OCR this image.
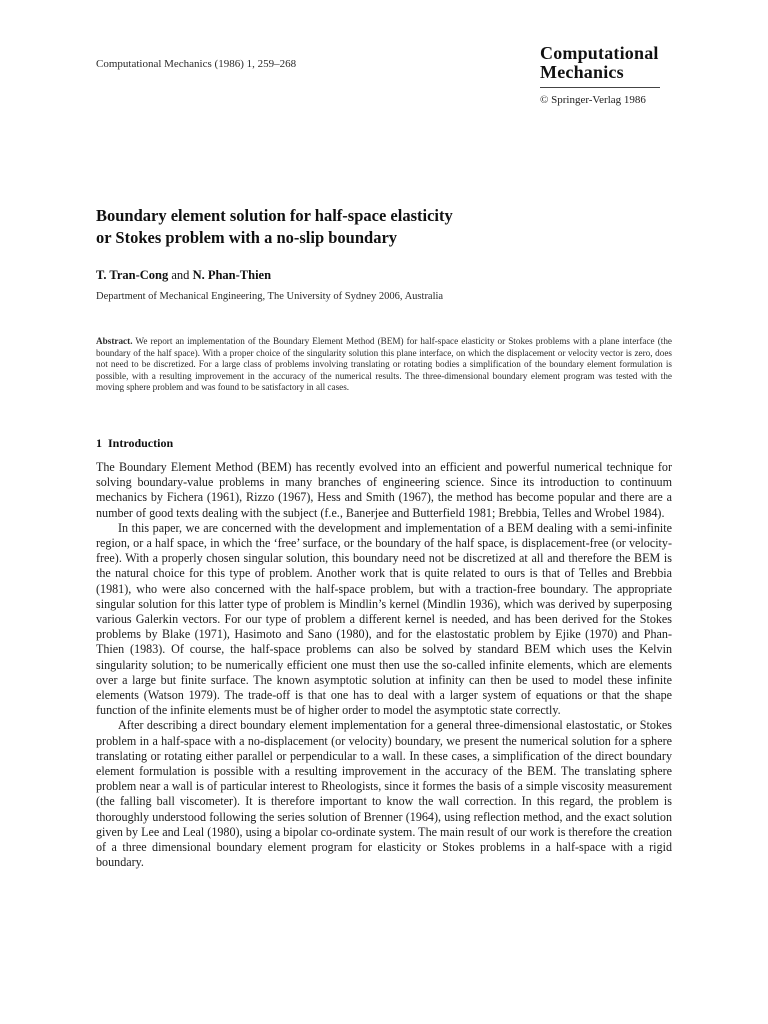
Computational Mechanics (1986) 1, 259–268
Computational
Mechanics
© Springer-Verlag 1986
Boundary element solution for half-space elasticity
or Stokes problem with a no-slip boundary
T. Tran-Cong and N. Phan-Thien
Department of Mechanical Engineering, The University of Sydney 2006, Australia
Abstract. We report an implementation of the Boundary Element Method (BEM) for half-space elasticity or Stokes problems with a plane interface (the boundary of the half space). With a proper choice of the singularity solution this plane interface, on which the displacement or velocity vector is zero, does not need to be discretized. For a large class of problems involving translating or rotating bodies a simplification of the boundary element formulation is possible, with a resulting improvement in the accuracy of the numerical results. The three-dimensional boundary element program was tested with the moving sphere problem and was found to be satisfactory in all cases.
1 Introduction

The Boundary Element Method (BEM) has recently evolved into an efficient and powerful numerical technique for solving boundary-value problems in many branches of engineering science. Since its introduction to continuum mechanics by Fichera (1961), Rizzo (1967), Hess and Smith (1967), the method has become popular and there are a number of good texts dealing with the subject (f.e., Banerjee and Butterfield 1981; Brebbia, Telles and Wrobel 1984).

In this paper, we are concerned with the development and implementation of a BEM dealing with a semi-infinite region, or a half space, in which the ‘free’ surface, or the boundary of the half space, is displacement-free (or velocity-free). With a properly chosen singular solution, this boundary need not be discretized at all and therefore the BEM is the natural choice for this type of problem. Another work that is quite related to ours is that of Telles and Brebbia (1981), who were also concerned with the half-space problem, but with a traction-free boundary. The appropriate singular solution for this latter type of problem is Mindlin’s kernel (Mindlin 1936), which was derived by superposing various Galerkin vectors. For our type of problem a different kernel is needed, and has been derived for the Stokes problems by Blake (1971), Hasimoto and Sano (1980), and for the elastostatic problem by Ejike (1970) and Phan-Thien (1983). Of course, the half-space problems can also be solved by standard BEM which uses the Kelvin singularity solution; to be numerically efficient one must then use the so-called infinite elements, which are elements over a large but finite surface. The known asymptotic solution at infinity can then be used to model these infinite elements (Watson 1979). The trade-off is that one has to deal with a larger system of equations or that the shape function of the infinite elements must be of higher order to model the asymptotic state correctly.

After describing a direct boundary element implementation for a general three-dimensional elastostatic, or Stokes problem in a half-space with a no-displacement (or velocity) boundary, we present the numerical solution for a sphere translating or rotating either parallel or perpendicular to a wall. In these cases, a simplification of the direct boundary element formulation is possible with a resulting improvement in the accuracy of the BEM. The translating sphere problem near a wall is of particular interest to Rheologists, since it formes the basis of a simple viscosity measurement (the falling ball viscometer). It is therefore important to know the wall correction. In this regard, the problem is thoroughly understood following the series solution of Brenner (1964), using reflection method, and the exact solution given by Lee and Leal (1980), using a bipolar co-ordinate system. The main result of our work is therefore the creation of a three dimensional boundary element program for elasticity or Stokes problems in a half-space with a rigid boundary.
